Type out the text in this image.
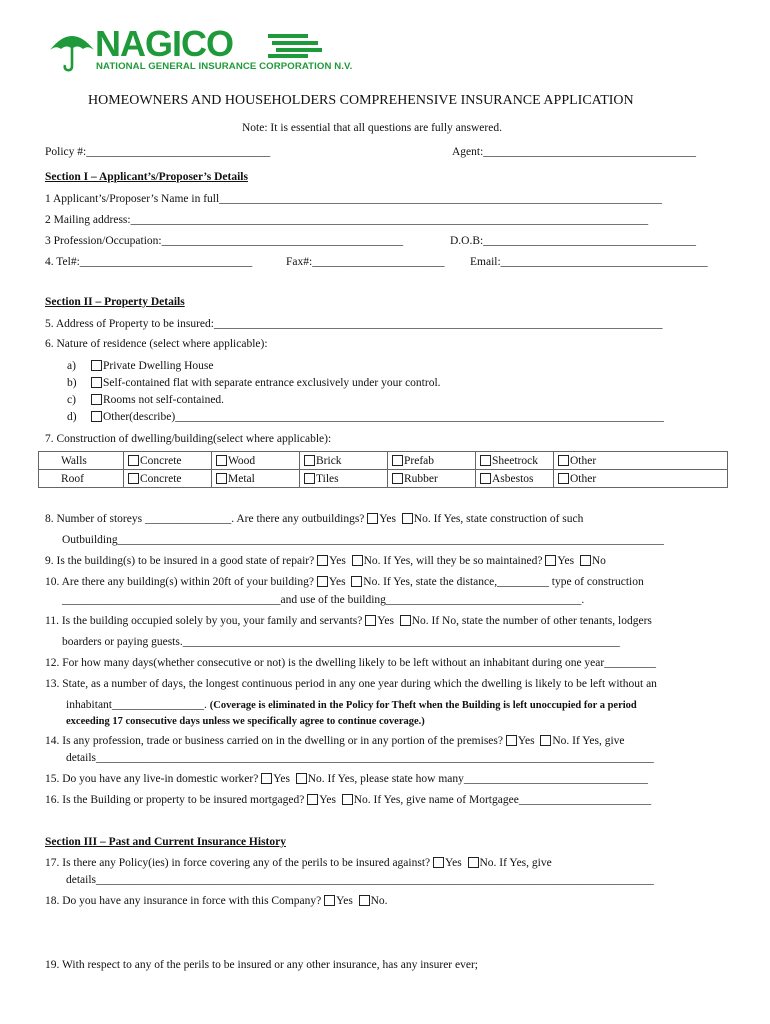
NAGICO
NATIONAL GENERAL INSURANCE CORPORATION N.V.
HOMEOWNERS AND HOUSEHOLDERS COMPREHENSIVE INSURANCE APPLICATION
Note: It is essential that all questions are fully answered.
Policy #:________________________________	Agent:_____________________________________
Section I – Applicant’s/Proposer’s Details
1 Applicant’s/Proposer’s Name in full_____________________________________________________________________________
2 Mailing address:__________________________________________________________________________________________
3 Profession/Occupation:__________________________________________	D.O.B:_____________________________________
4. Tel#:______________________________	Fax#:_______________________ Email:____________________________________
Section II – Property Details
5. Address of Property to be insured:______________________________________________________________________________
6. Nature of residence (select where applicable):
a) Private Dwelling House
b) Self-contained flat with separate entrance exclusively under your control.
c) Rooms not self-contained.
d) Other(describe)_____________________________________________________________________________________
7. Construction of dwelling/building(select where applicable):
Walls	Concrete	Wood	Brick	Prefab	Sheetrock	Other
Roof	Concrete	Metal	Tiles	Rubber	Asbestos	Other
8. Number of storeys _______________. Are there any outbuildings? Yes No. If Yes, state construction of such
Outbuilding_______________________________________________________________________________________________
9. Is the building(s) to be insured in a good state of repair? Yes No. If Yes, will they be so maintained? Yes No
10. Are there any building(s) within 20ft of your building? Yes No. If Yes, state the distance,_________ type of construction
______________________________________and use of the building__________________________________.
11. Is the building occupied solely by you, your family and servants? Yes No. If No, state the number of other tenants, lodgers
boarders or paying guests.____________________________________________________________________________
12. For how many days(whether consecutive or not) is the dwelling likely to be left without an inhabitant during one year_________
13. State, as a number of days, the longest continuous period in any one year during which the dwelling is likely to be left without an
inhabitant________________. (Coverage is eliminated in the Policy for Theft when the Building is left unoccupied for a period
exceeding 17 consecutive days unless we specifically agree to continue coverage.)
14. Is any profession, trade or business carried on in the dwelling or in any portion of the premises? Yes No. If Yes, give
details_________________________________________________________________________________________________
15. Do you have any live-in domestic worker? Yes No. If Yes, please state how many________________________________
16. Is the Building or property to be insured mortgaged? Yes No. If Yes, give name of Mortgagee_______________________
Section III – Past and Current Insurance History
17. Is there any Policy(ies) in force covering any of the perils to be insured against? Yes No. If Yes, give
details_________________________________________________________________________________________________
18. Do you have any insurance in force with this Company? Yes No.
19. With respect to any of the perils to be insured or any other insurance, has any insurer ever;
